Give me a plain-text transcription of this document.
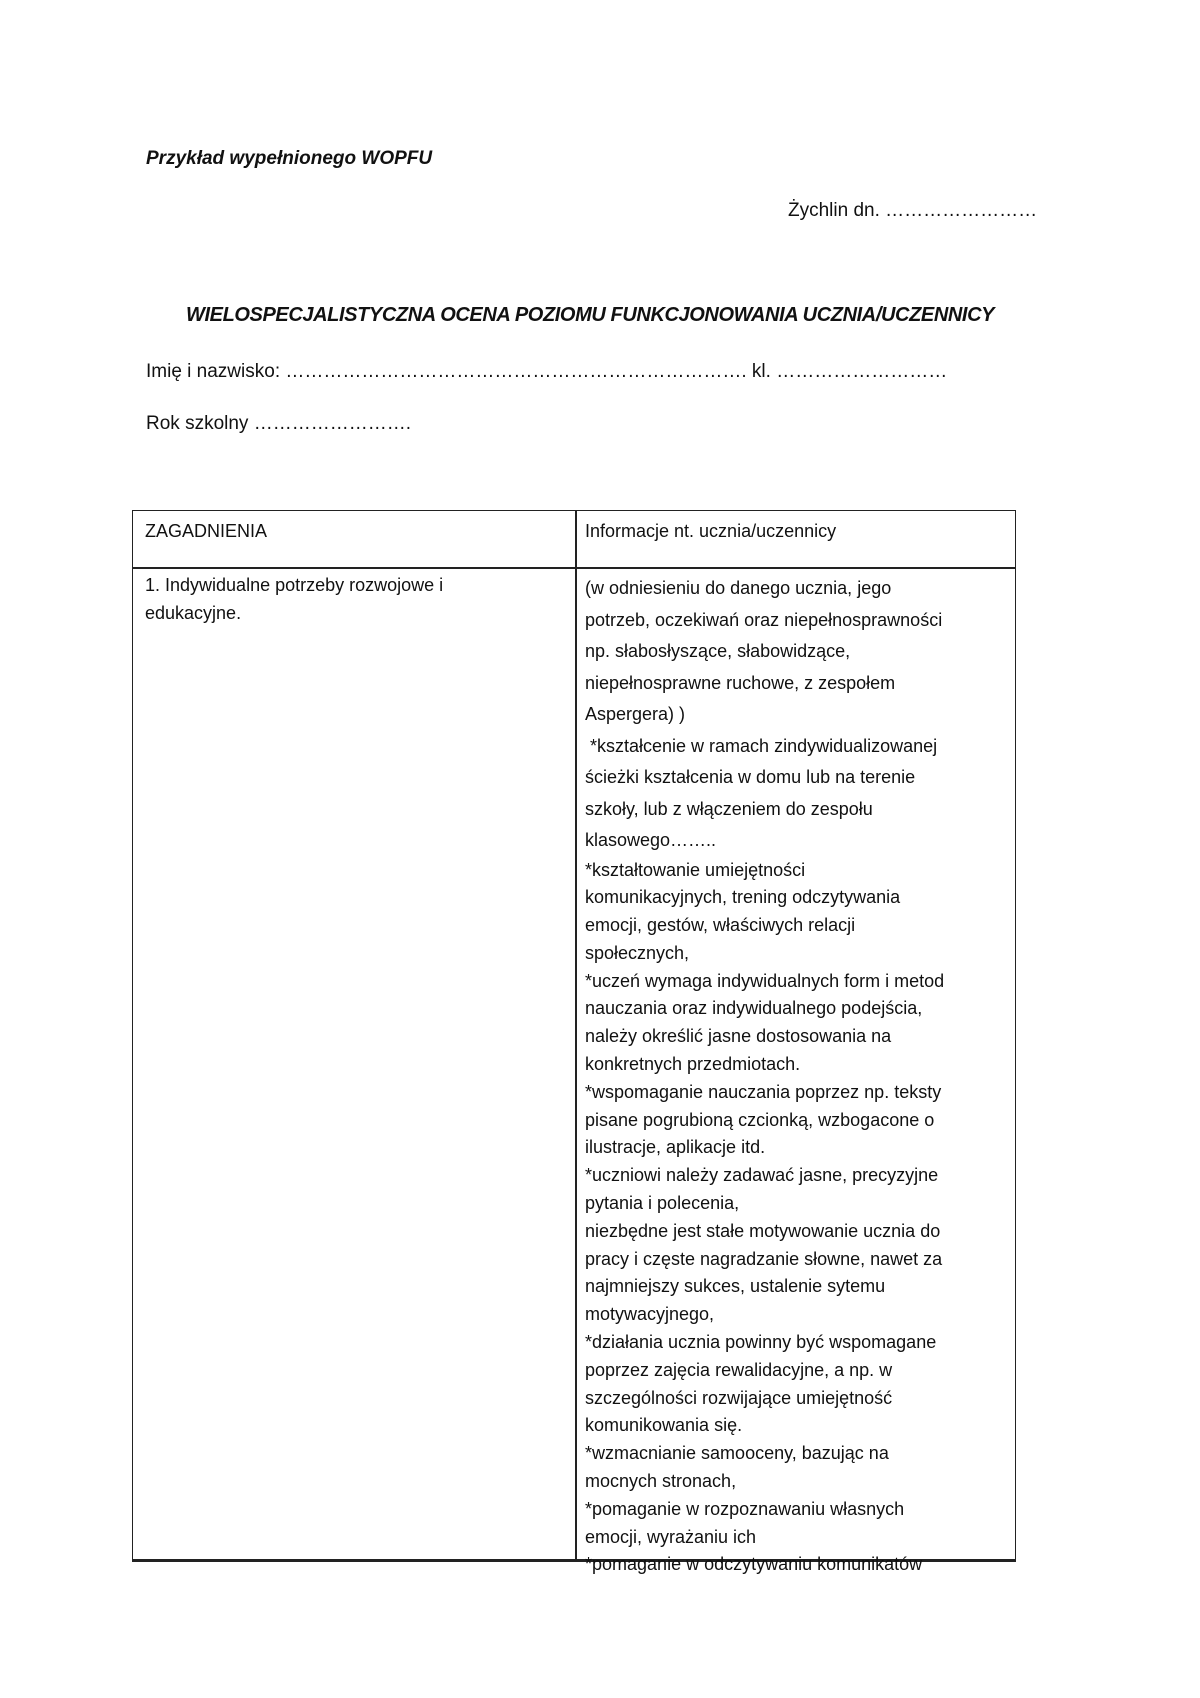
Przykład wypełnionego WOPFU
Żychlin dn. ……………………
WIELOSPECJALISTYCZNA OCENA POZIOMU FUNKCJONOWANIA UCZNIA/UCZENNICY
Imię i nazwisko: ………………………………………………………………. kl. ………………………
Rok szkolny …………………….
ZAGADNIENIA	Informacje nt. ucznia/uczennicy
1. Indywidualne potrzeby rozwojowe i
edukacyjne.
(w odniesieniu do danego ucznia, jego
potrzeb, oczekiwań oraz niepełnosprawności
np. słabosłyszące, słabowidzące,
niepełnosprawne ruchowe, z zespołem
Aspergera) )
*kształcenie w ramach zindywidualizowanej
ścieżki kształcenia w domu lub na terenie
szkoły, lub z włączeniem do zespołu
klasowego……..
*kształtowanie umiejętności
komunikacyjnych, trening odczytywania
emocji, gestów, właściwych relacji
społecznych,
*uczeń wymaga indywidualnych form i metod
nauczania oraz indywidualnego podejścia,
należy określić jasne dostosowania na
konkretnych przedmiotach.
*wspomaganie nauczania poprzez np. teksty
pisane pogrubioną czcionką, wzbogacone o
ilustracje, aplikacje itd.
*uczniowi należy zadawać jasne, precyzyjne
pytania i polecenia,
niezbędne jest stałe motywowanie ucznia do
pracy i częste nagradzanie słowne, nawet za
najmniejszy sukces, ustalenie sytemu
motywacyjnego,
*działania ucznia powinny być wspomagane
poprzez zajęcia rewalidacyjne, a np. w
szczególności rozwijające umiejętność
komunikowania się.
*wzmacnianie samooceny, bazując na
mocnych stronach,
*pomaganie w rozpoznawaniu własnych
emocji, wyrażaniu ich
*pomaganie w odczytywaniu komunikatów
